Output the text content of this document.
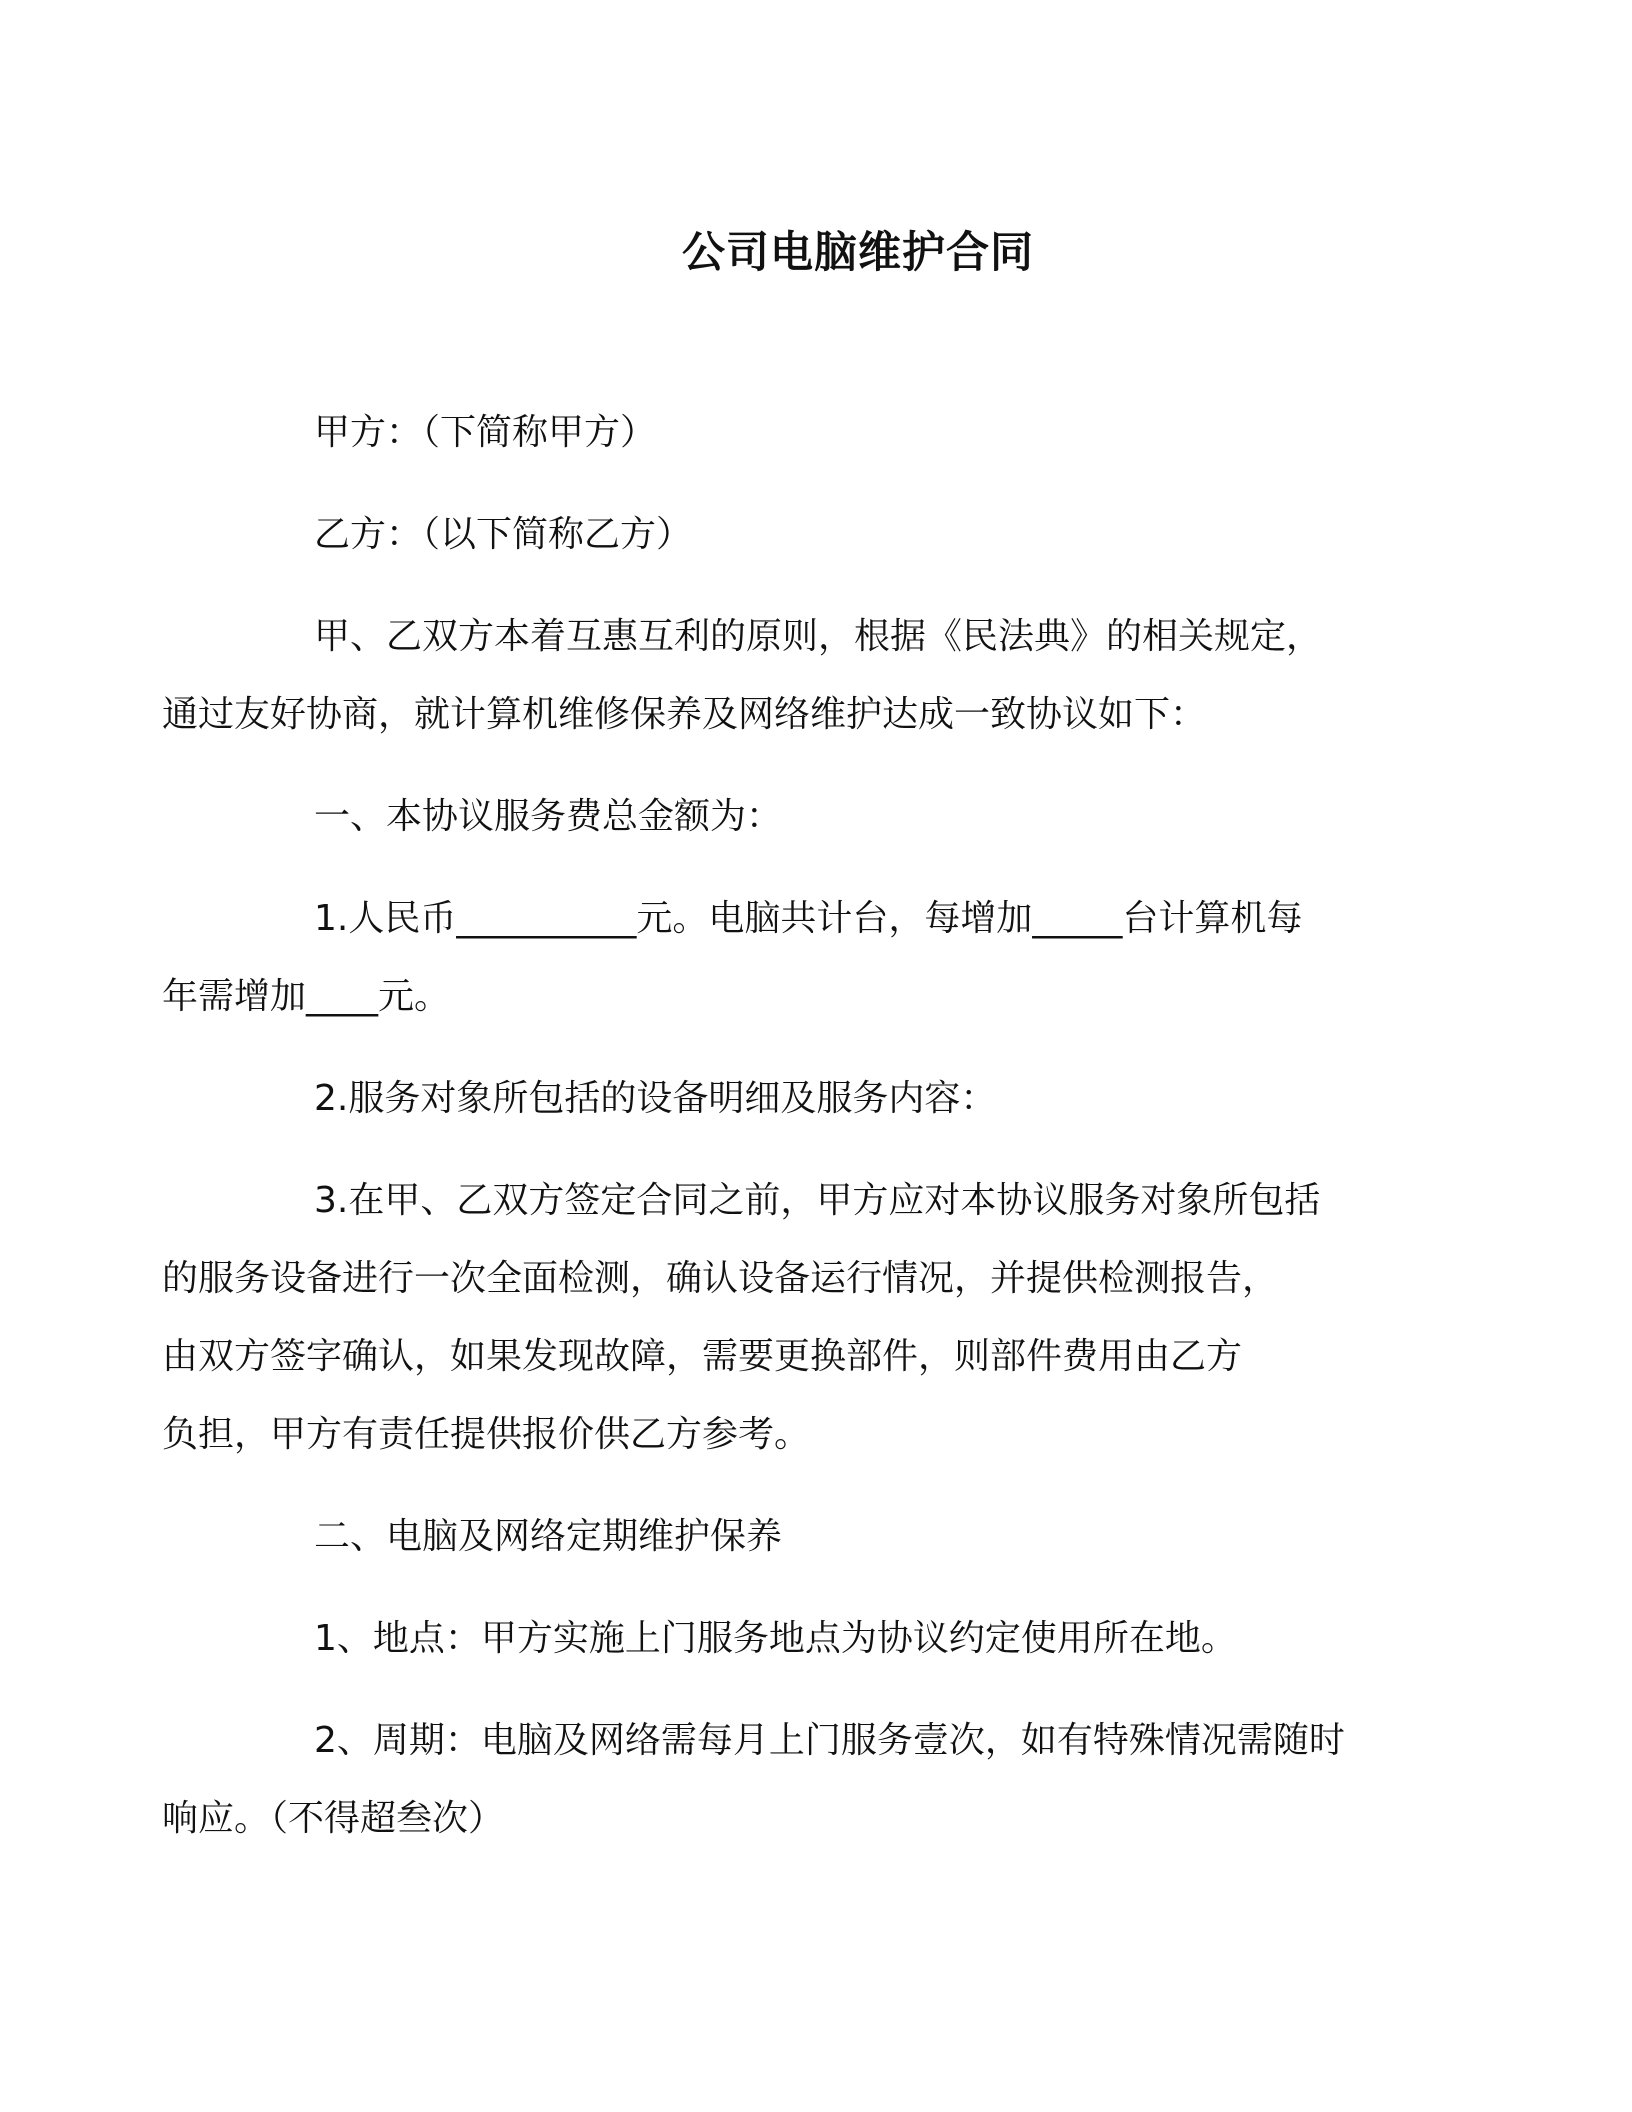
公司电脑维护合同

甲方：（下简称甲方）

乙方：（以下简称乙方）

甲、乙双方本着互惠互利的原则，根据《民法典》的相关规定，
通过友好协商，就计算机维修保养及网络维护达成一致协议如下：

一、本协议服务费总金额为：

1.人民币__________元。电脑共计台，每增加_____台计算机每
年需增加____元。

2.服务对象所包括的设备明细及服务内容：

3.在甲、乙双方签定合同之前，甲方应对本协议服务对象所包括
的服务设备进行一次全面检测，确认设备运行情况，并提供检测报告，
由双方签字确认，如果发现故障，需要更换部件，则部件费用由乙方
负担，甲方有责任提供报价供乙方参考。

二、电脑及网络定期维护保养

1、地点：甲方实施上门服务地点为协议约定使用所在地。

2、周期：电脑及网络需每月上门服务壹次，如有特殊情况需随时
响应。（不得超叁次）
